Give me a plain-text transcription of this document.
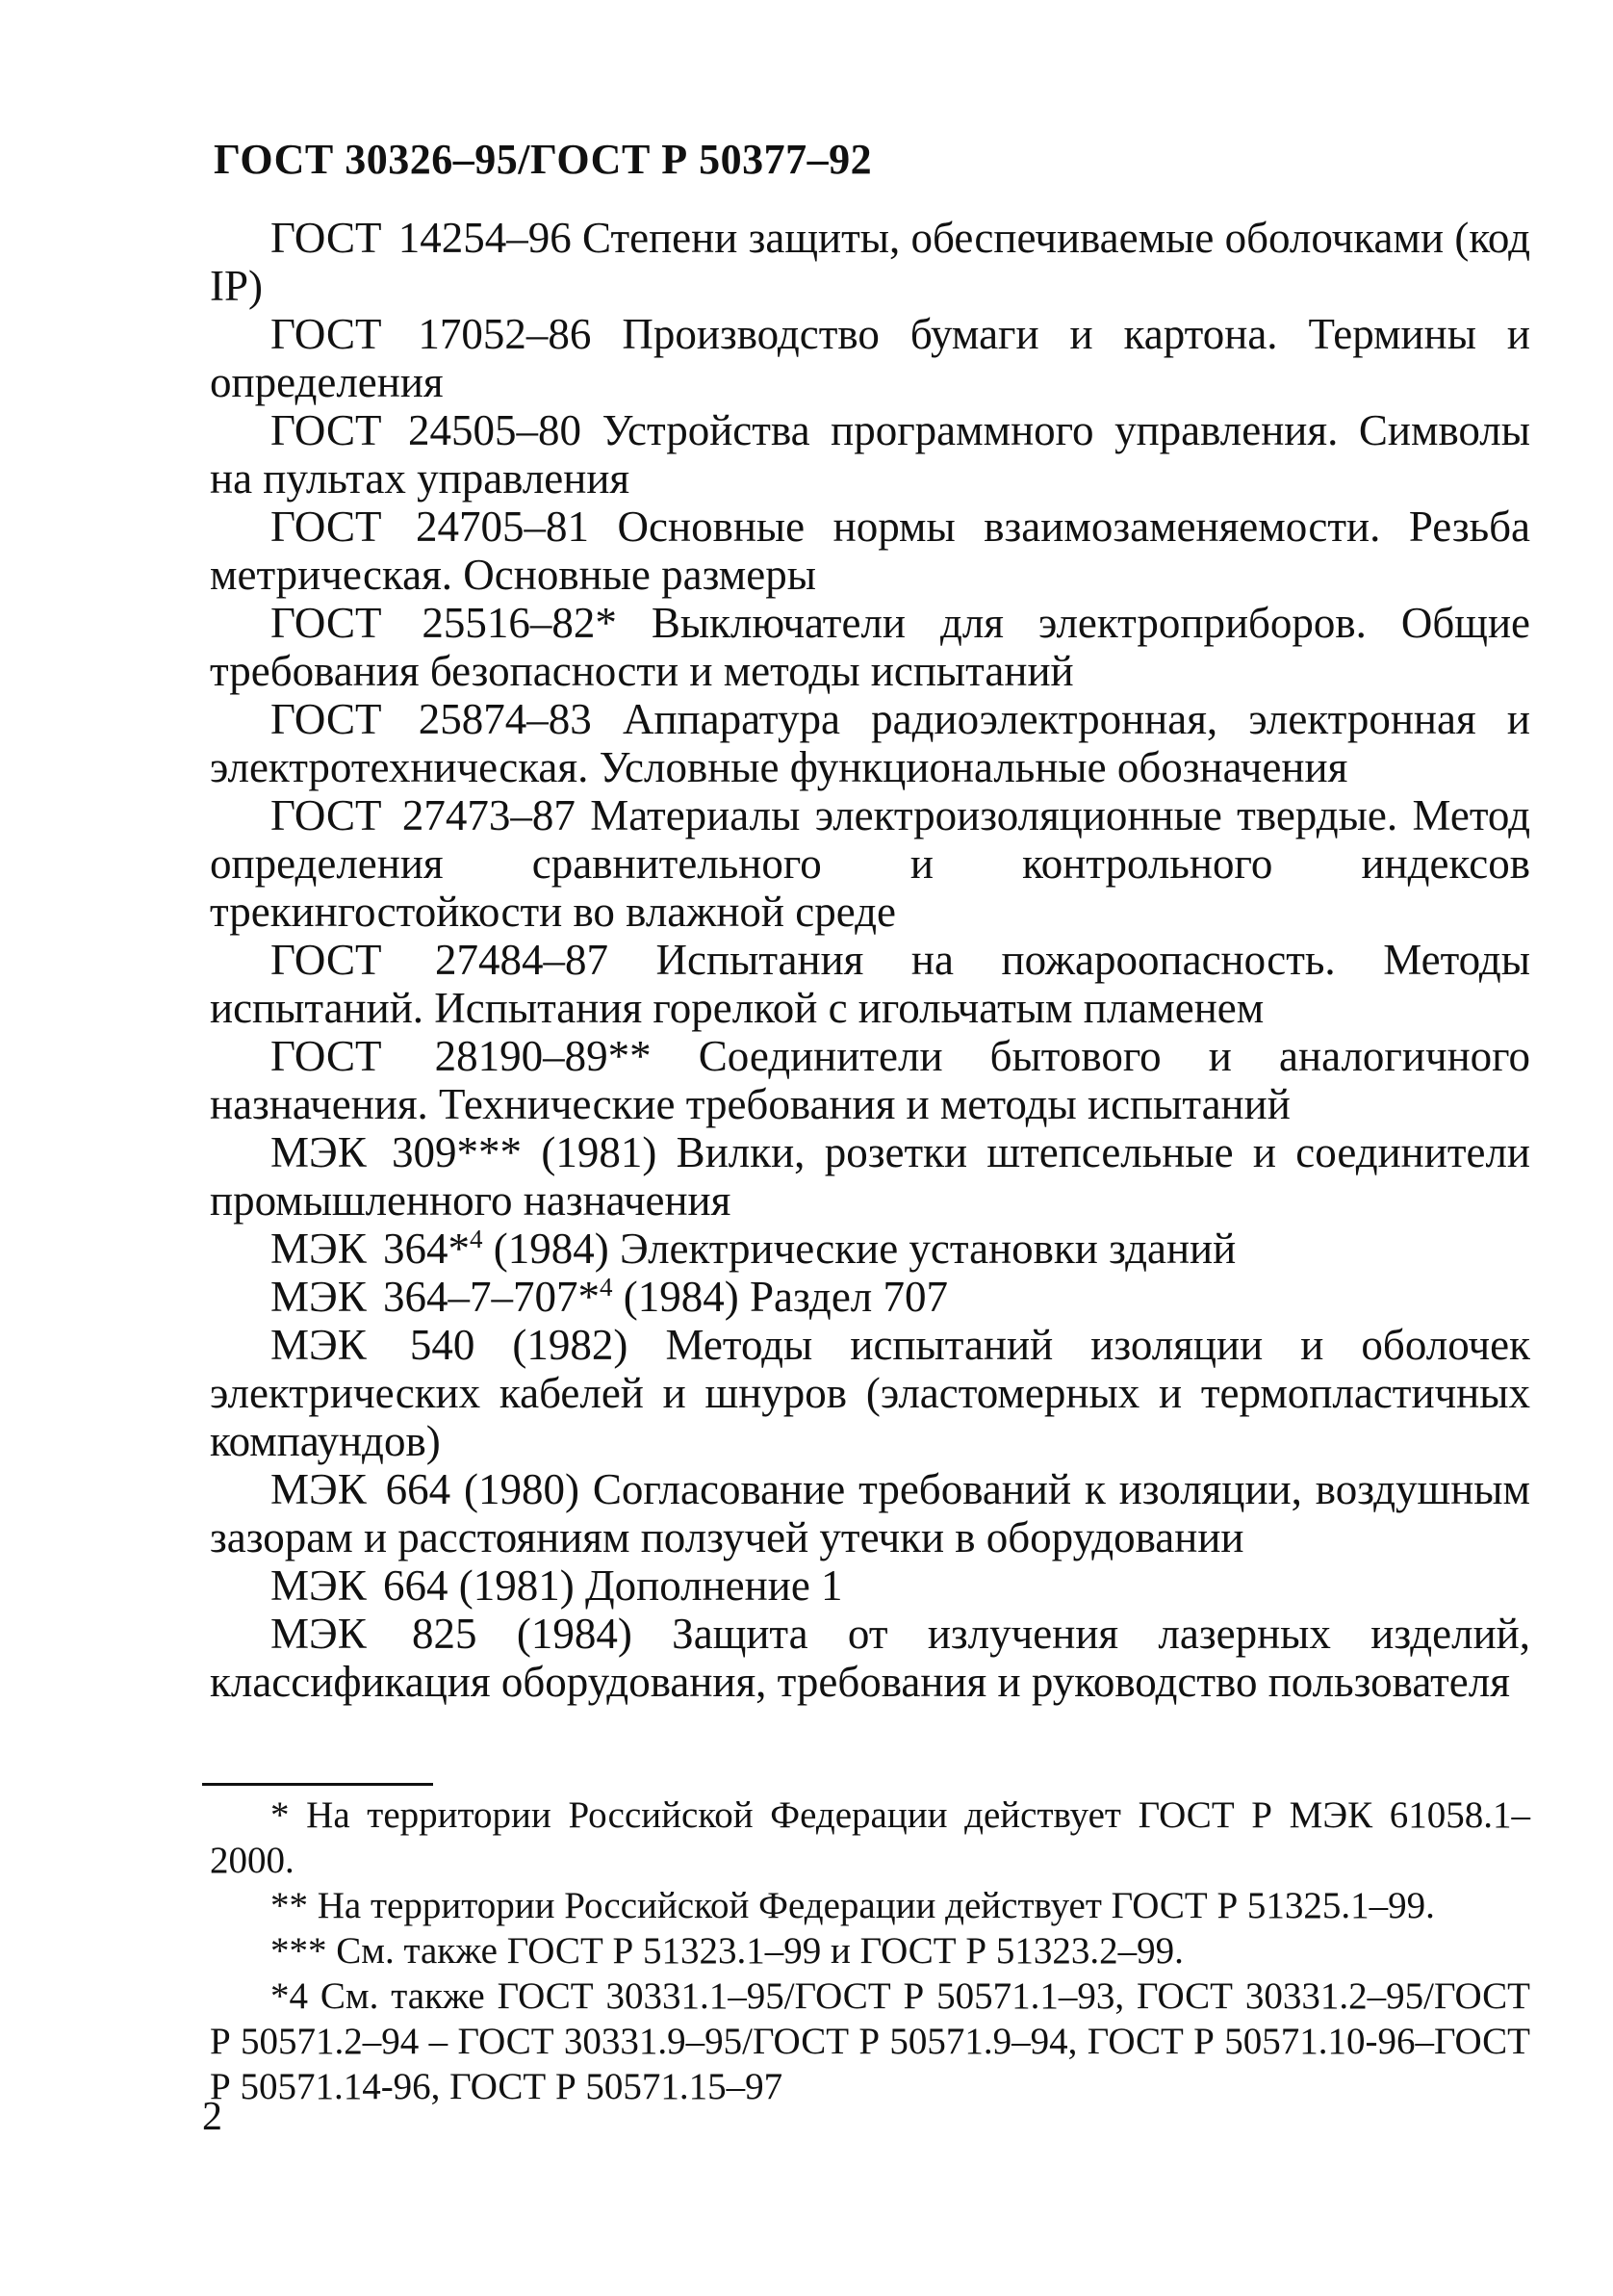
ГОСТ 30326–95/ГОСТ Р 50377–92

ГОСТ 14254–96 Степени защиты, обеспечиваемые оболочками (код IP)

ГОСТ 17052–86 Производство бумаги и картона. Термины и определения

ГОСТ 24505–80 Устройства программного управления. Символы на пультах управления

ГОСТ 24705–81 Основные нормы взаимозаменяемости. Резьба метрическая. Основные размеры

ГОСТ 25516–82* Выключатели для электроприборов. Общие требования безопасности и методы испытаний

ГОСТ 25874–83 Аппаратура радиоэлектронная, электронная и электротехническая. Условные функциональные обозначения

ГОСТ 27473–87 Материалы электроизоляционные твердые. Метод определения сравнительного и контрольного индексов трекингостойкости во влажной среде

ГОСТ 27484–87 Испытания на пожароопасность. Методы испытаний. Испытания горелкой с игольчатым пламенем

ГОСТ 28190–89** Соединители бытового и аналогичного назначения. Технические требования и методы испытаний

МЭК 309*** (1981) Вилки, розетки штепсельные и соединители промышленного назначения

МЭК 364*$^4$ (1984) Электрические установки зданий

МЭК 364–7–707*$^4$ (1984) Раздел 707

МЭК 540 (1982) Методы испытаний изоляции и оболочек электрических кабелей и шнуров (эластомерных и термопластичных компаундов)

МЭК 664 (1980) Согласование требований к изоляции, воздушным зазорам и расстояниям ползучей утечки в оборудовании

МЭК 664 (1981) Дополнение 1

МЭК 825 (1984) Защита от излучения лазерных изделий, классификация оборудования, требования и руководство пользователя

* На территории Российской Федерации действует ГОСТ Р МЭК 61058.1–2000.

** На территории Российской Федерации действует ГОСТ Р 51325.1–99.

*** См. также ГОСТ Р 51323.1–99 и ГОСТ Р 51323.2–99.

*4 См. также ГОСТ 30331.1–95/ГОСТ Р 50571.1–93, ГОСТ 30331.2–95/ГОСТ Р 50571.2–94 – ГОСТ 30331.9–95/ГОСТ Р 50571.9–94, ГОСТ Р 50571.10-96–ГОСТ Р 50571.14-96, ГОСТ Р 50571.15–97

2
